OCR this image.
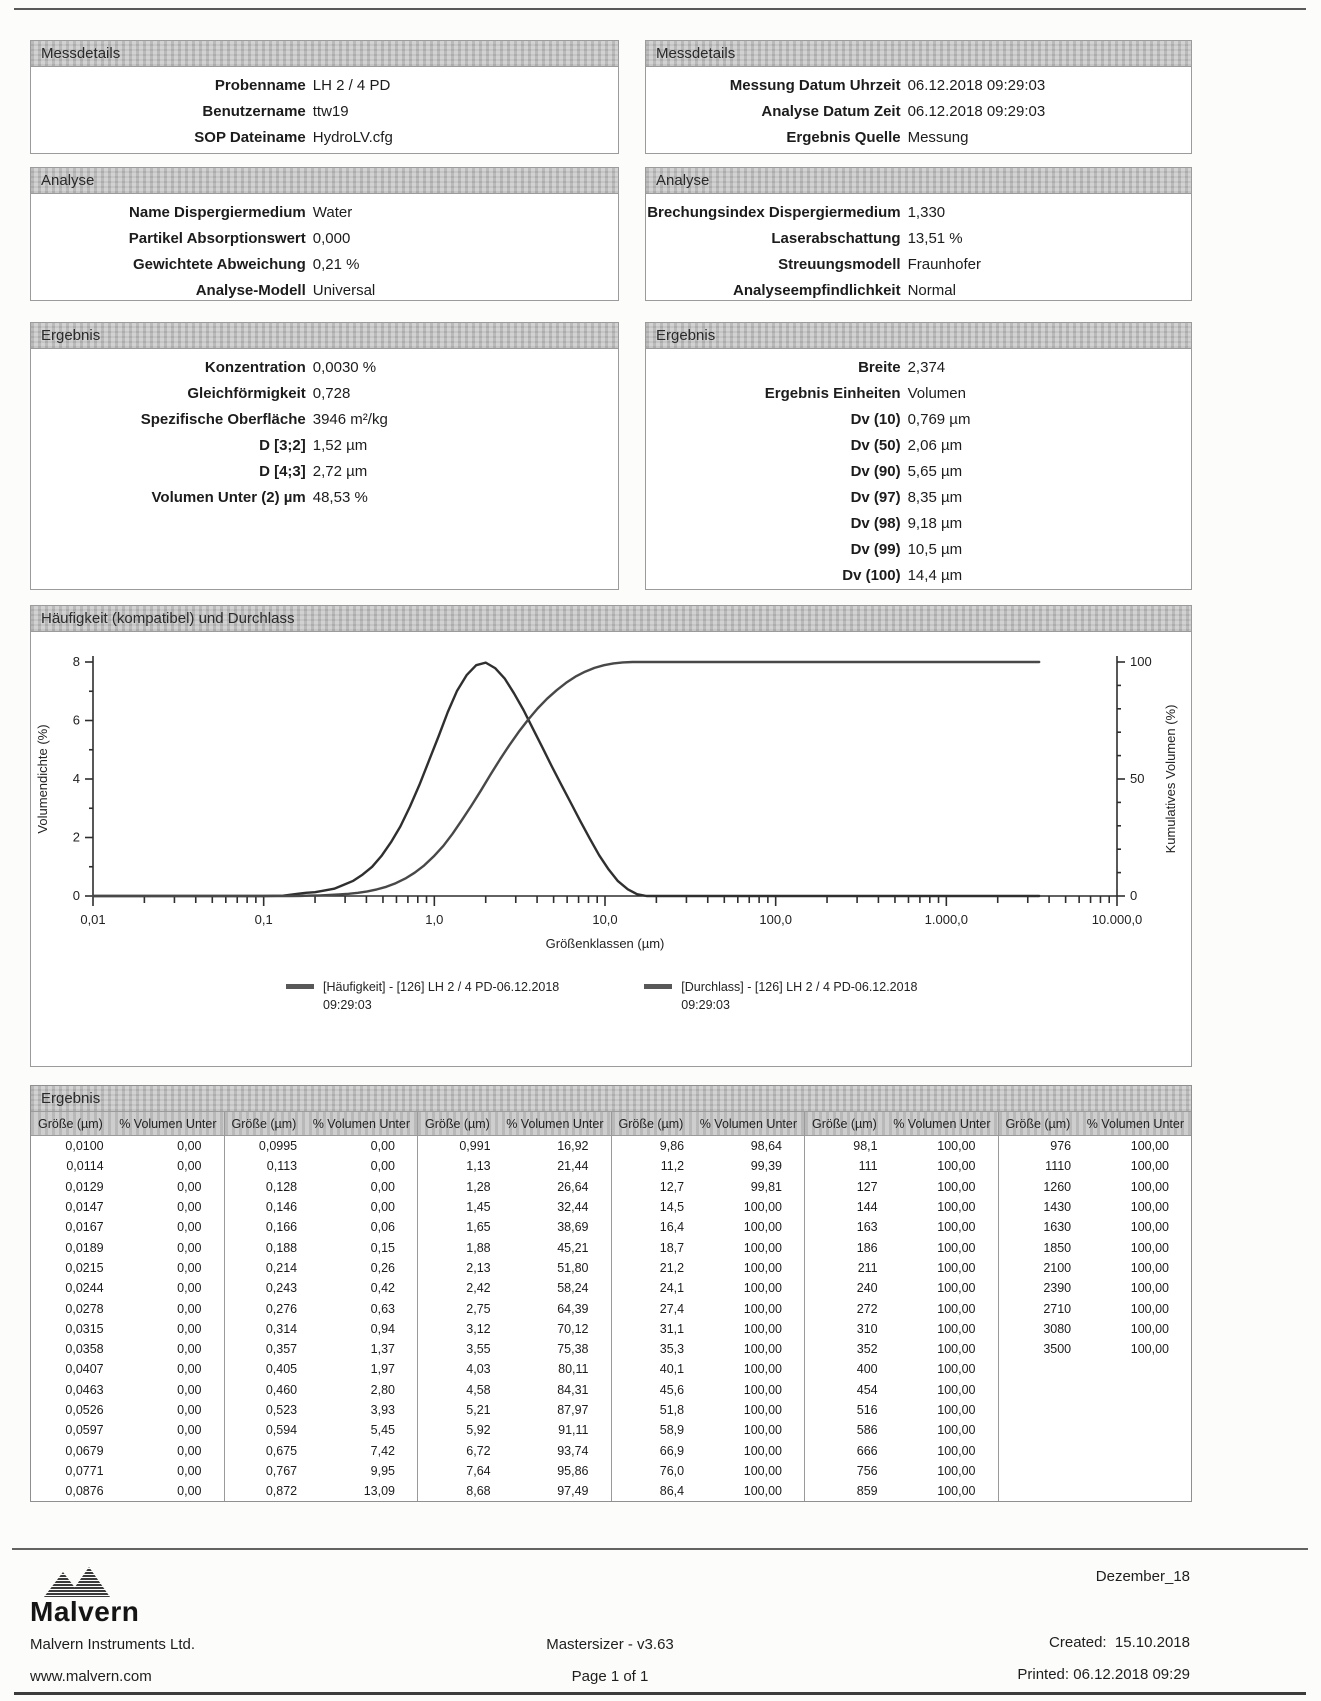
Messdetails
Probenname LH 2 / 4 PD
Benutzername ttw19
SOP Dateiname HydroLV.cfg
Messdetails
Messung Datum Uhrzeit 06.12.2018 09:29:03
Analyse Datum Zeit 06.12.2018 09:29:03
Ergebnis Quelle Messung
Analyse
Name Dispergiermedium Water
Partikel Absorptionswert 0,000
Gewichtete Abweichung 0,21 %
Analyse-Modell Universal
Analyse
Brechungsindex Dispergiermedium 1,330
Laserabschattung 13,51 %
Streuungsmodell Fraunhofer
Analyseempfindlichkeit Normal
Ergebnis
Konzentration 0,0030 %
Gleichförmigkeit 0,728
Spezifische Oberfläche 3946 m²/kg
D [3;2] 1,52 µm
D [4;3] 2,72 µm
Volumen Unter (2) µm 48,53 %
Ergebnis
Breite 2,374
Ergebnis Einheiten Volumen
Dv (10) 0,769 µm
Dv (50) 2,06 µm
Dv (90) 5,65 µm
Dv (97) 8,35 µm
Dv (98) 9,18 µm
Dv (99) 10,5 µm
Dv (100) 14,4 µm
Häufigkeit (kompatibel) und Durchlass
0,01	0,1	1,0	10,0	100,0	1.000,0	10.000,0
0
2
4
6
8
0
50
100
Größenklassen (µm)
Volumendichte (%)	Kumulatives Volumen (%)
[Häufigkeit] - [126] LH 2 / 4 PD-06.12.2018
09:29:03
[Durchlass] - [126] LH 2 / 4 PD-06.12.2018
09:29:03
Ergebnis
Größe (µm)	% Volumen Unter
0,0100	0,00
0,0114	0,00
0,0129	0,00
0,0147	0,00
0,0167	0,00
0,0189	0,00
0,0215	0,00
0,0244	0,00
0,0278	0,00
0,0315	0,00
0,0358	0,00
0,0407	0,00
0,0463	0,00
0,0526	0,00
0,0597	0,00
0,0679	0,00
0,0771	0,00
0,0876	0,00
Größe (µm)	% Volumen Unter
0,0995	0,00
0,113	0,00
0,128	0,00
0,146	0,00
0,166	0,06
0,188	0,15
0,214	0,26
0,243	0,42
0,276	0,63
0,314	0,94
0,357	1,37
0,405	1,97
0,460	2,80
0,523	3,93
0,594	5,45
0,675	7,42
0,767	9,95
0,872	13,09
Größe (µm)	% Volumen Unter
0,991	16,92
1,13	21,44
1,28	26,64
1,45	32,44
1,65	38,69
1,88	45,21
2,13	51,80
2,42	58,24
2,75	64,39
3,12	70,12
3,55	75,38
4,03	80,11
4,58	84,31
5,21	87,97
5,92	91,11
6,72	93,74
7,64	95,86
8,68	97,49
Größe (µm)	% Volumen Unter
9,86	98,64
11,2	99,39
12,7	99,81
14,5	100,00
16,4	100,00
18,7	100,00
21,2	100,00
24,1	100,00
27,4	100,00
31,1	100,00
35,3	100,00
40,1	100,00
45,6	100,00
51,8	100,00
58,9	100,00
66,9	100,00
76,0	100,00
86,4	100,00
Größe (µm)	% Volumen Unter
98,1	100,00
111	100,00
127	100,00
144	100,00
163	100,00
186	100,00
211	100,00
240	100,00
272	100,00
310	100,00
352	100,00
400	100,00
454	100,00
516	100,00
586	100,00
666	100,00
756	100,00
859	100,00
Größe (µm)	% Volumen Unter
976	100,00
1110	100,00
1260	100,00
1430	100,00
1630	100,00
1850	100,00
2100	100,00
2390	100,00
2710	100,00
3080	100,00
3500	100,00
Malvern
Dezember_18
Malvern Instruments Ltd.	Mastersizer - v3.63	Created:  15.10.2018
www.malvern.com	Page 1 of 1	Printed: 06.12.2018 09:29
